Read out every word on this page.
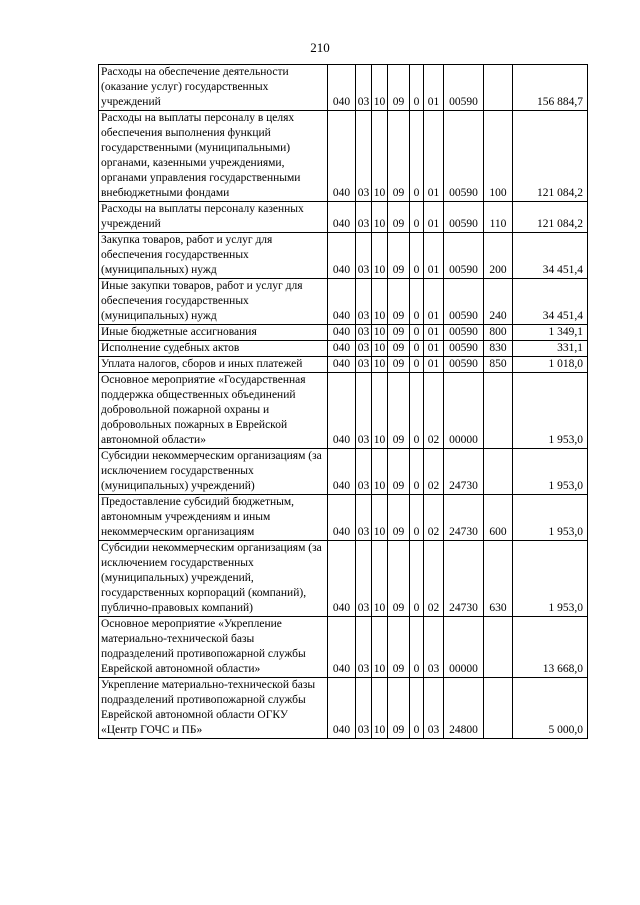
210
Расходы на обеспечение деятельности (оказание услуг) государственных учреждений	040	03	10	09	0	01	00590		156 884,7
Расходы на выплаты персоналу в целях обеспечения выполнения функций государственными (муниципальными) органами, казенными учреждениями, органами управления государственными внебюджетными фондами	040	03	10	09	0	01	00590	100	121 084,2
Расходы на выплаты персоналу казенных учреждений	040	03	10	09	0	01	00590	110	121 084,2
Закупка товаров, работ и услуг для обеспечения государственных (муниципальных) нужд	040	03	10	09	0	01	00590	200	34 451,4
Иные закупки товаров, работ и услуг для обеспечения государственных (муниципальных) нужд	040	03	10	09	0	01	00590	240	34 451,4
Иные бюджетные ассигнования	040	03	10	09	0	01	00590	800	1 349,1
Исполнение судебных актов	040	03	10	09	0	01	00590	830	331,1
Уплата налогов, сборов и иных платежей	040	03	10	09	0	01	00590	850	1 018,0
Основное мероприятие «Государственная поддержка общественных объединений добровольной пожарной охраны и добровольных пожарных в Еврейской автономной области»	040	03	10	09	0	02	00000		1 953,0
Субсидии некоммерческим организациям (за исключением государственных (муниципальных) учреждений)	040	03	10	09	0	02	24730		1 953,0
Предоставление субсидий бюджетным, автономным учреждениям и иным некоммерческим организациям	040	03	10	09	0	02	24730	600	1 953,0
Субсидии некоммерческим организациям (за исключением государственных (муниципальных) учреждений, государственных корпораций (компаний), публично-правовых компаний)	040	03	10	09	0	02	24730	630	1 953,0
Основное мероприятие «Укрепление материально-технической базы подразделений противопожарной службы Еврейской автономной области»	040	03	10	09	0	03	00000		13 668,0
Укрепление материально-технической базы подразделений противопожарной службы Еврейской автономной области ОГКУ «Центр ГОЧС и ПБ»	040	03	10	09	0	03	24800		5 000,0
